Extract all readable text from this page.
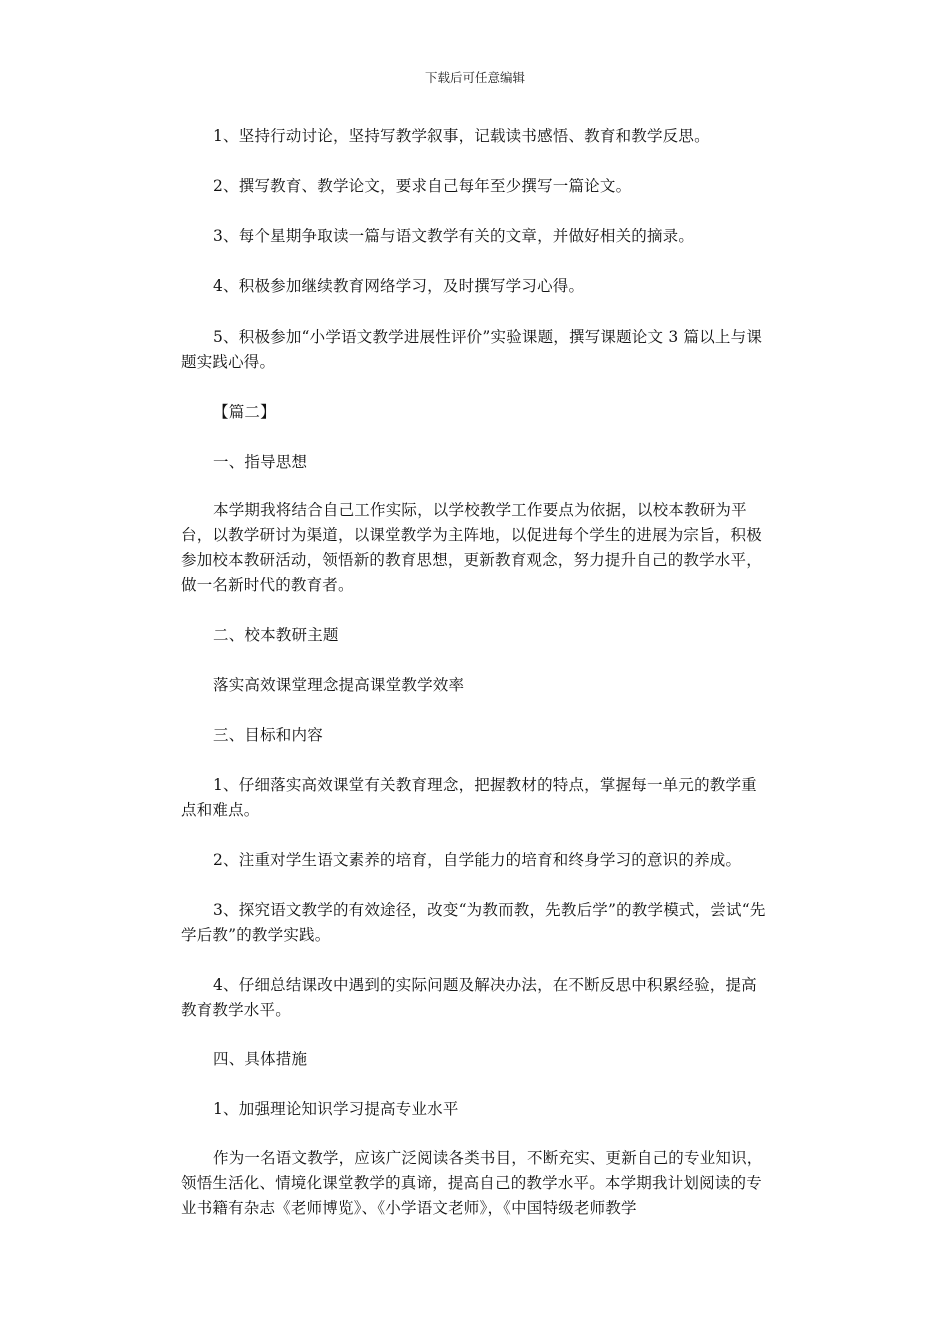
下载后可任意编辑
1、坚持行动讨论，坚持写教学叙事，记载读书感悟、教育和教学反思。
2、撰写教育、教学论文，要求自己每年至少撰写一篇论文。
3、每个星期争取读一篇与语文教学有关的文章，并做好相关的摘录。
4、积极参加继续教育网络学习，及时撰写学习心得。
5、积极参加“小学语文教学进展性评价”实验课题，撰写课题论文 3 篇以上与课题实践心得。
【篇二】
一、指导思想
本学期我将结合自己工作实际，以学校教学工作要点为依据，以校本教研为平台，以教学研讨为渠道，以课堂教学为主阵地，以促进每个学生的进展为宗旨，积极参加校本教研活动，领悟新的教育思想，更新教育观念，努力提升自己的教学水平，做一名新时代的教育者。
二、校本教研主题
落实高效课堂理念提高课堂教学效率
三、目标和内容
1、仔细落实高效课堂有关教育理念，把握教材的特点，掌握每一单元的教学重点和难点。
2、注重对学生语文素养的培育，自学能力的培育和终身学习的意识的养成。
3、探究语文教学的有效途径，改变“为教而教，先教后学”的教学模式，尝试“先学后教”的教学实践。
4、仔细总结课改中遇到的实际问题及解决办法，在不断反思中积累经验，提高教育教学水平。
四、具体措施
1、加强理论知识学习提高专业水平
作为一名语文教学，应该广泛阅读各类书目，不断充实、更新自己的专业知识，领悟生活化、情境化课堂教学的真谛，提高自己的教学水平。本学期我计划阅读的专业书籍有杂志《老师博览》、《小学语文老师》，《中国特级老师教学
